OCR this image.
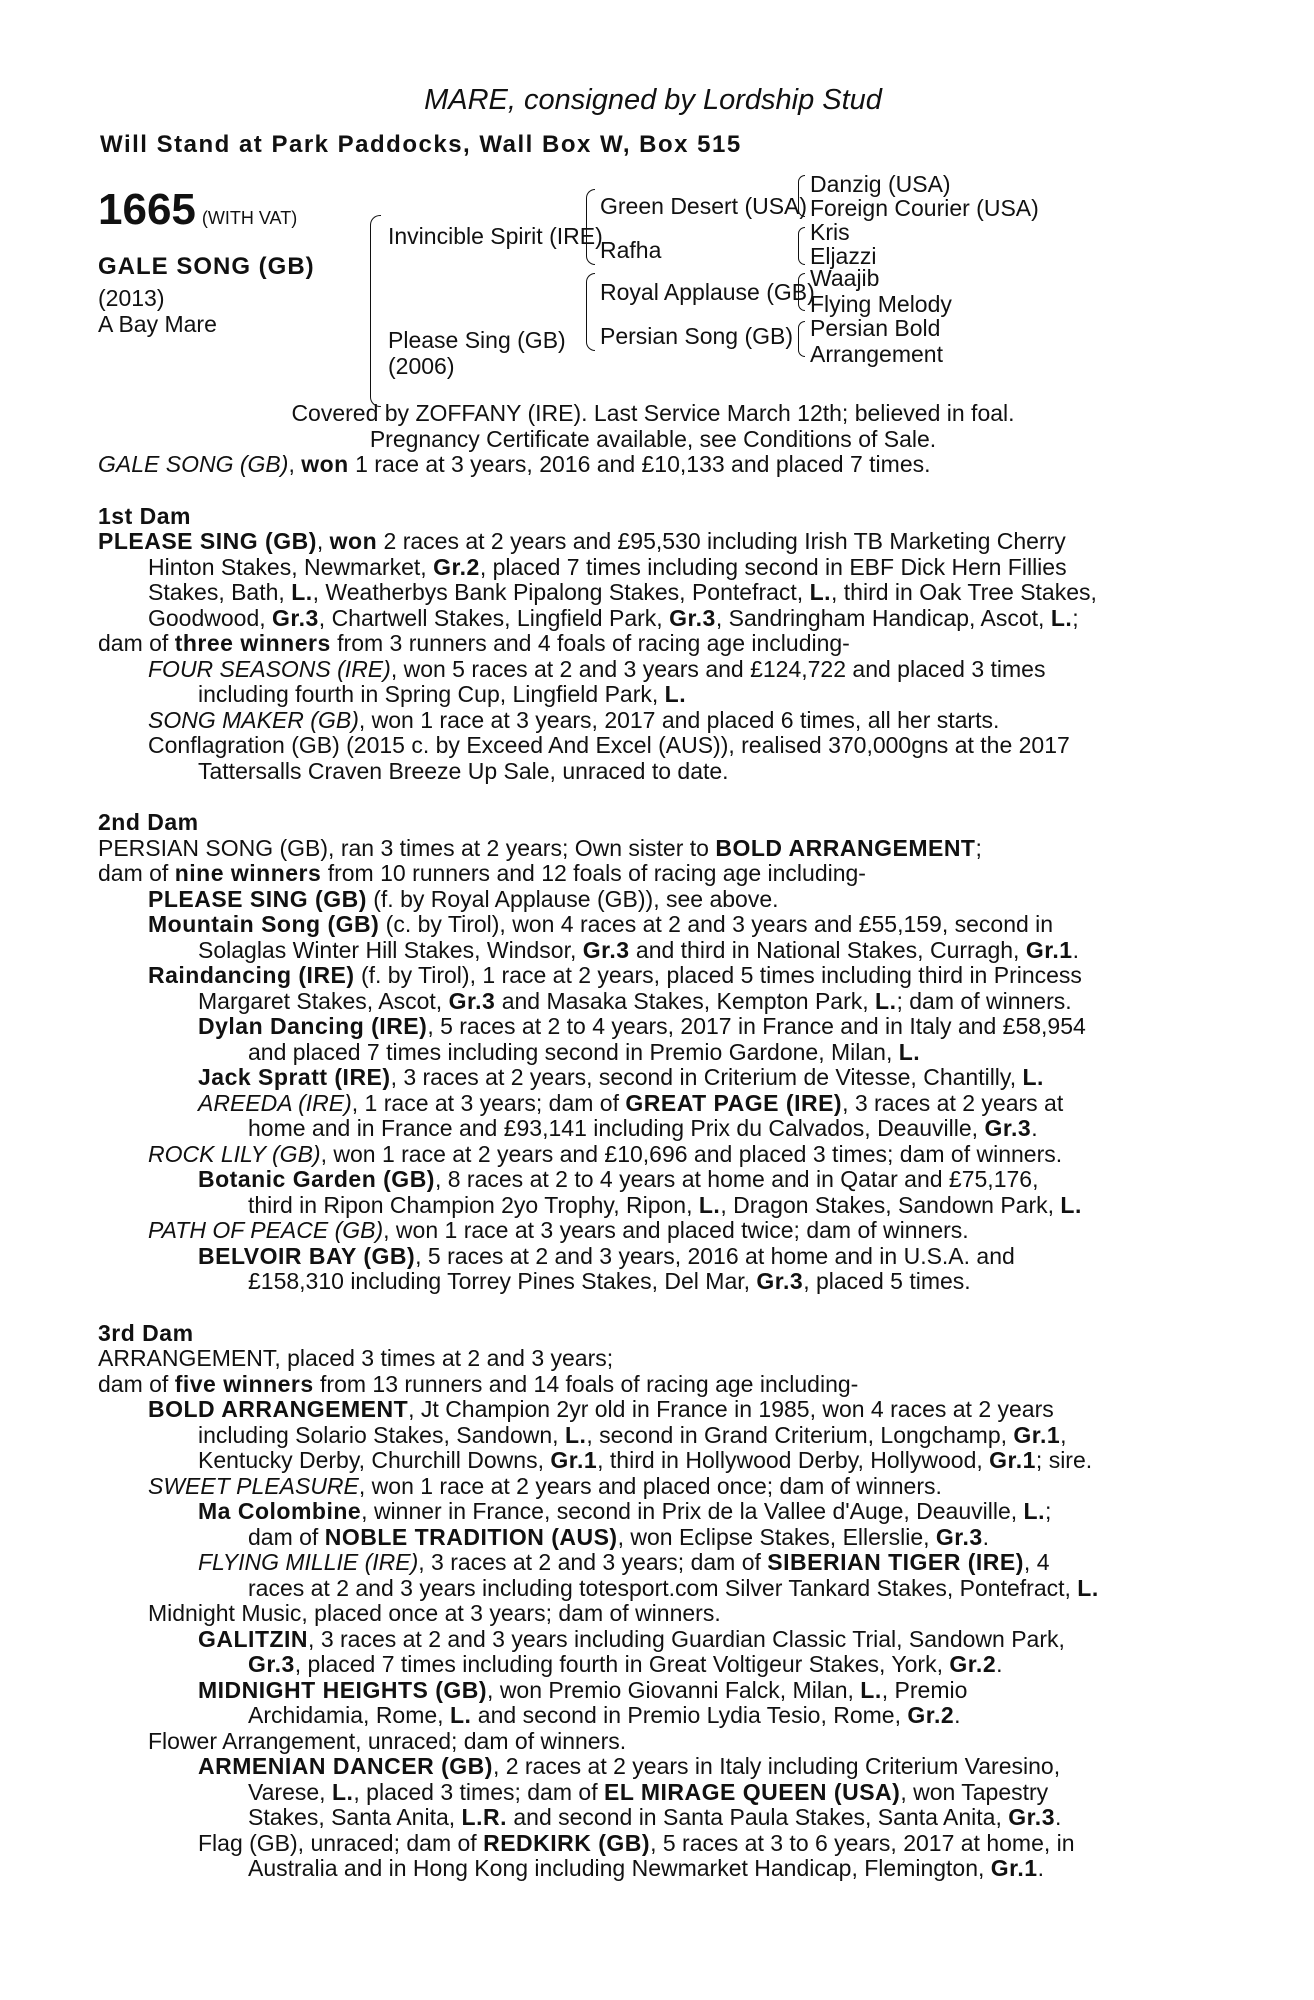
MARE, consigned by Lordship Stud
Will Stand at Park Paddocks, Wall Box W, Box 515
1665 (WITH VAT)
GALE SONG (GB)
(2013)
A Bay Mare
Invincible Spirit (IRE)
Please Sing (GB)
(2006)
Green Desert (USA)
Rafha
Royal Applause (GB)
Persian Song (GB)
Danzig (USA)
Foreign Courier (USA)
Kris
Eljazzi
Waajib
Flying Melody
Persian Bold
Arrangement
Covered by ZOFFANY (IRE). Last Service March 12th; believed in foal.
Pregnancy Certificate available, see Conditions of Sale.
GALE SONG (GB), won 1 race at 3 years, 2016 and £10,133 and placed 7 times.
1st Dam

PLEASE SING (GB), won 2 races at 2 years and £95,530 including Irish TB Marketing Cherry

Hinton Stakes, Newmarket, Gr.2, placed 7 times including second in EBF Dick Hern Fillies

Stakes, Bath, L., Weatherbys Bank Pipalong Stakes, Pontefract, L., third in Oak Tree Stakes,

Goodwood, Gr.3, Chartwell Stakes, Lingfield Park, Gr.3, Sandringham Handicap, Ascot, L.;

dam of three winners from 3 runners and 4 foals of racing age including-

FOUR SEASONS (IRE), won 5 races at 2 and 3 years and £124,722 and placed 3 times

including fourth in Spring Cup, Lingfield Park, L.

SONG MAKER (GB), won 1 race at 3 years, 2017 and placed 6 times, all her starts.

Conflagration (GB) (2015 c. by Exceed And Excel (AUS)), realised 370,000gns at the 2017

Tattersalls Craven Breeze Up Sale, unraced to date.

2nd Dam

PERSIAN SONG (GB), ran 3 times at 2 years; Own sister to BOLD ARRANGEMENT;

dam of nine winners from 10 runners and 12 foals of racing age including-

PLEASE SING (GB) (f. by Royal Applause (GB)), see above.

Mountain Song (GB) (c. by Tirol), won 4 races at 2 and 3 years and £55,159, second in

Solaglas Winter Hill Stakes, Windsor, Gr.3 and third in National Stakes, Curragh, Gr.1.

Raindancing (IRE) (f. by Tirol), 1 race at 2 years, placed 5 times including third in Princess

Margaret Stakes, Ascot, Gr.3 and Masaka Stakes, Kempton Park, L.; dam of winners.

Dylan Dancing (IRE), 5 races at 2 to 4 years, 2017 in France and in Italy and £58,954

and placed 7 times including second in Premio Gardone, Milan, L.

Jack Spratt (IRE), 3 races at 2 years, second in Criterium de Vitesse, Chantilly, L.

AREEDA (IRE), 1 race at 3 years; dam of GREAT PAGE (IRE), 3 races at 2 years at

home and in France and £93,141 including Prix du Calvados, Deauville, Gr.3.

ROCK LILY (GB), won 1 race at 2 years and £10,696 and placed 3 times; dam of winners.

Botanic Garden (GB), 8 races at 2 to 4 years at home and in Qatar and £75,176,

third in Ripon Champion 2yo Trophy, Ripon, L., Dragon Stakes, Sandown Park, L.

PATH OF PEACE (GB), won 1 race at 3 years and placed twice; dam of winners.

BELVOIR BAY (GB), 5 races at 2 and 3 years, 2016 at home and in U.S.A. and

£158,310 including Torrey Pines Stakes, Del Mar, Gr.3, placed 5 times.

3rd Dam

ARRANGEMENT, placed 3 times at 2 and 3 years;

dam of five winners from 13 runners and 14 foals of racing age including-

BOLD ARRANGEMENT, Jt Champion 2yr old in France in 1985, won 4 races at 2 years

including Solario Stakes, Sandown, L., second in Grand Criterium, Longchamp, Gr.1,

Kentucky Derby, Churchill Downs, Gr.1, third in Hollywood Derby, Hollywood, Gr.1; sire.

SWEET PLEASURE, won 1 race at 2 years and placed once; dam of winners.

Ma Colombine, winner in France, second in Prix de la Vallee d'Auge, Deauville, L.;

dam of NOBLE TRADITION (AUS), won Eclipse Stakes, Ellerslie, Gr.3.

FLYING MILLIE (IRE), 3 races at 2 and 3 years; dam of SIBERIAN TIGER (IRE), 4

races at 2 and 3 years including totesport.com Silver Tankard Stakes, Pontefract, L.

Midnight Music, placed once at 3 years; dam of winners.

GALITZIN, 3 races at 2 and 3 years including Guardian Classic Trial, Sandown Park,

Gr.3, placed 7 times including fourth in Great Voltigeur Stakes, York, Gr.2.

MIDNIGHT HEIGHTS (GB), won Premio Giovanni Falck, Milan, L., Premio

Archidamia, Rome, L. and second in Premio Lydia Tesio, Rome, Gr.2.

Flower Arrangement, unraced; dam of winners.

ARMENIAN DANCER (GB), 2 races at 2 years in Italy including Criterium Varesino,

Varese, L., placed 3 times; dam of EL MIRAGE QUEEN (USA), won Tapestry

Stakes, Santa Anita, L.R. and second in Santa Paula Stakes, Santa Anita, Gr.3.

Flag (GB), unraced; dam of REDKIRK (GB), 5 races at 3 to 6 years, 2017 at home, in

Australia and in Hong Kong including Newmarket Handicap, Flemington, Gr.1.
